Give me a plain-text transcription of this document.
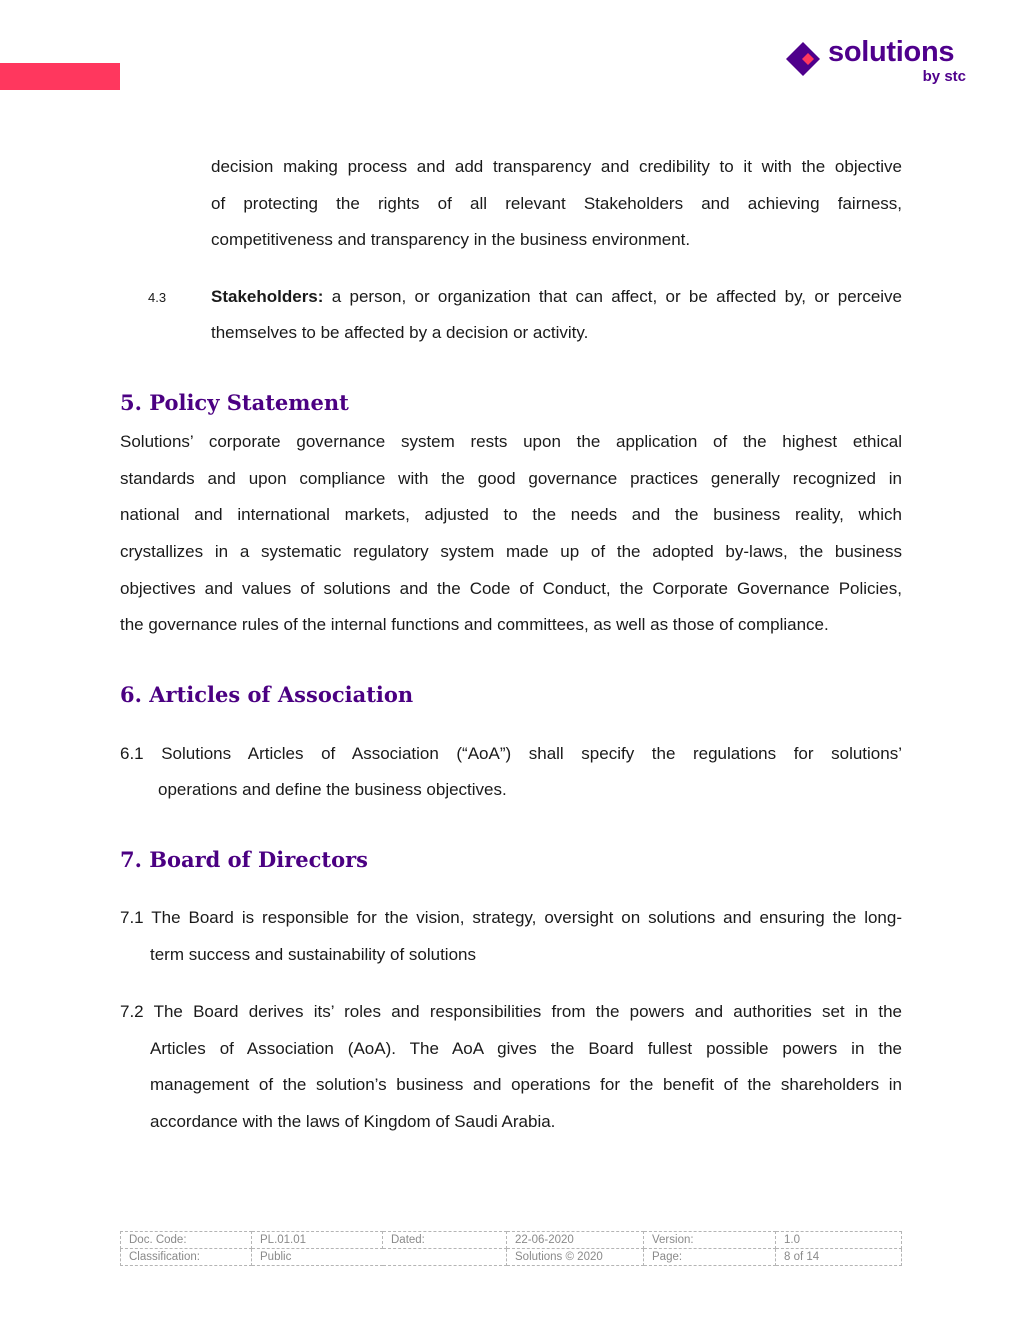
solutions
by stc
decision making process and add transparency and credibility to it with the objective
of protecting the rights of all relevant Stakeholders and achieving fairness,
competitiveness and transparency in the business environment.
4.3	Stakeholders: a person, or organization that can affect, or be affected by, or perceive
themselves to be affected by a decision or activity.
5. Policy Statement
Solutions’ corporate governance system rests upon the application of the highest ethical
standards and upon compliance with the good governance practices generally recognized in
national and international markets, adjusted to the needs and the business reality, which
crystallizes in a systematic regulatory system made up of the adopted by-laws, the business
objectives and values of solutions and the Code of Conduct, the Corporate Governance Policies,
the governance rules of the internal functions and committees, as well as those of compliance.
6. Articles of Association
6.1 Solutions Articles of Association (“AoA”) shall specify the regulations for solutions’
operations and define the business objectives.
7. Board of Directors
7.1 The Board is responsible for the vision, strategy, oversight on solutions and ensuring the long-
term success and sustainability of solutions
7.2 The Board derives its’ roles and responsibilities from the powers and authorities set in the
Articles of Association (AoA). The AoA gives the Board fullest possible powers in the
management of the solution’s business and operations for the benefit of the shareholders in
accordance with the laws of Kingdom of Saudi Arabia.
Doc. Code:	PL.01.01	Dated:	22-06-2020	Version:	1.0
Classification:	Public		Solutions © 2020	Page:	8 of 14
